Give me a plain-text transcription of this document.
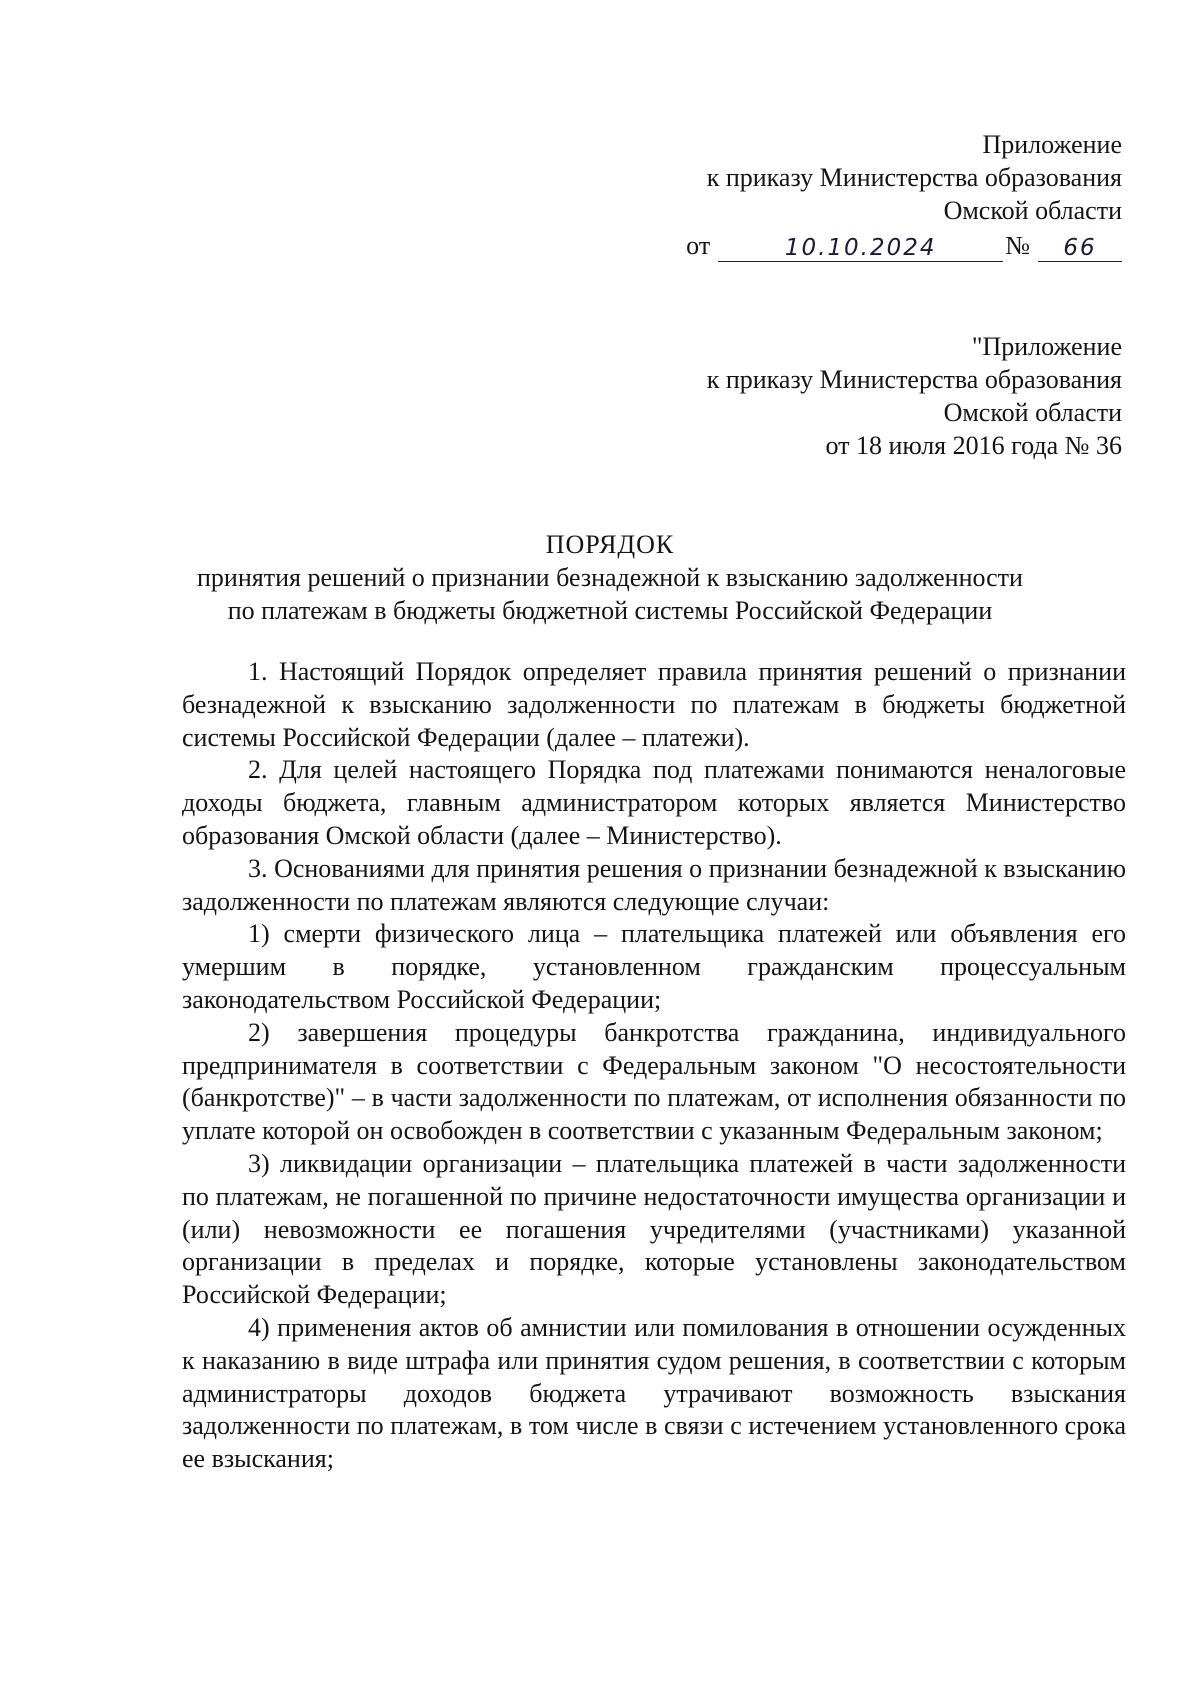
Приложение
к приказу Министерства образования
Омской области
от	10.10.2024	№	66
"Приложение
к приказу Министерства образования
Омской области
от 18 июля 2016 года № 36
ПОРЯДОК
принятия решений о признании безнадежной к взысканию задолженности
по платежам в бюджеты бюджетной системы Российской Федерации

1. Настоящий Порядок определяет правила принятия решений о признании безнадежной к взысканию задолженности по платежам в бюджеты бюджетной системы Российской Федерации (далее – платежи).

2. Для целей настоящего Порядка под платежами понимаются неналоговые доходы бюджета, главным администратором которых является Министерство образования Омской области (далее – Министерство).

3. Основаниями для принятия решения о признании безнадежной к взысканию задолженности по платежам являются следующие случаи:

1) смерти физического лица – плательщика платежей или объявления его умершим в порядке, установленном гражданским процессуальным законодательством Российской Федерации;

2) завершения процедуры банкротства гражданина, индивидуального предпринимателя в соответствии с Федеральным законом "О несостоятельности (банкротстве)" – в части задолженности по платежам, от исполнения обязанности по уплате которой он освобожден в соответствии с указанным Федеральным законом;

3) ликвидации организации – плательщика платежей в части задолженности по платежам, не погашенной по причине недостаточности имущества организации и (или) невозможности ее погашения учредителями (участниками) указанной организации в пределах и порядке, которые установлены законодательством Российской Федерации;

4) применения актов об амнистии или помилования в отношении осужденных к наказанию в виде штрафа или принятия судом решения, в соответствии с которым администраторы доходов бюджета утрачивают возможность взыскания задолженности по платежам, в том числе в связи с истечением установленного срока ее взыскания;
